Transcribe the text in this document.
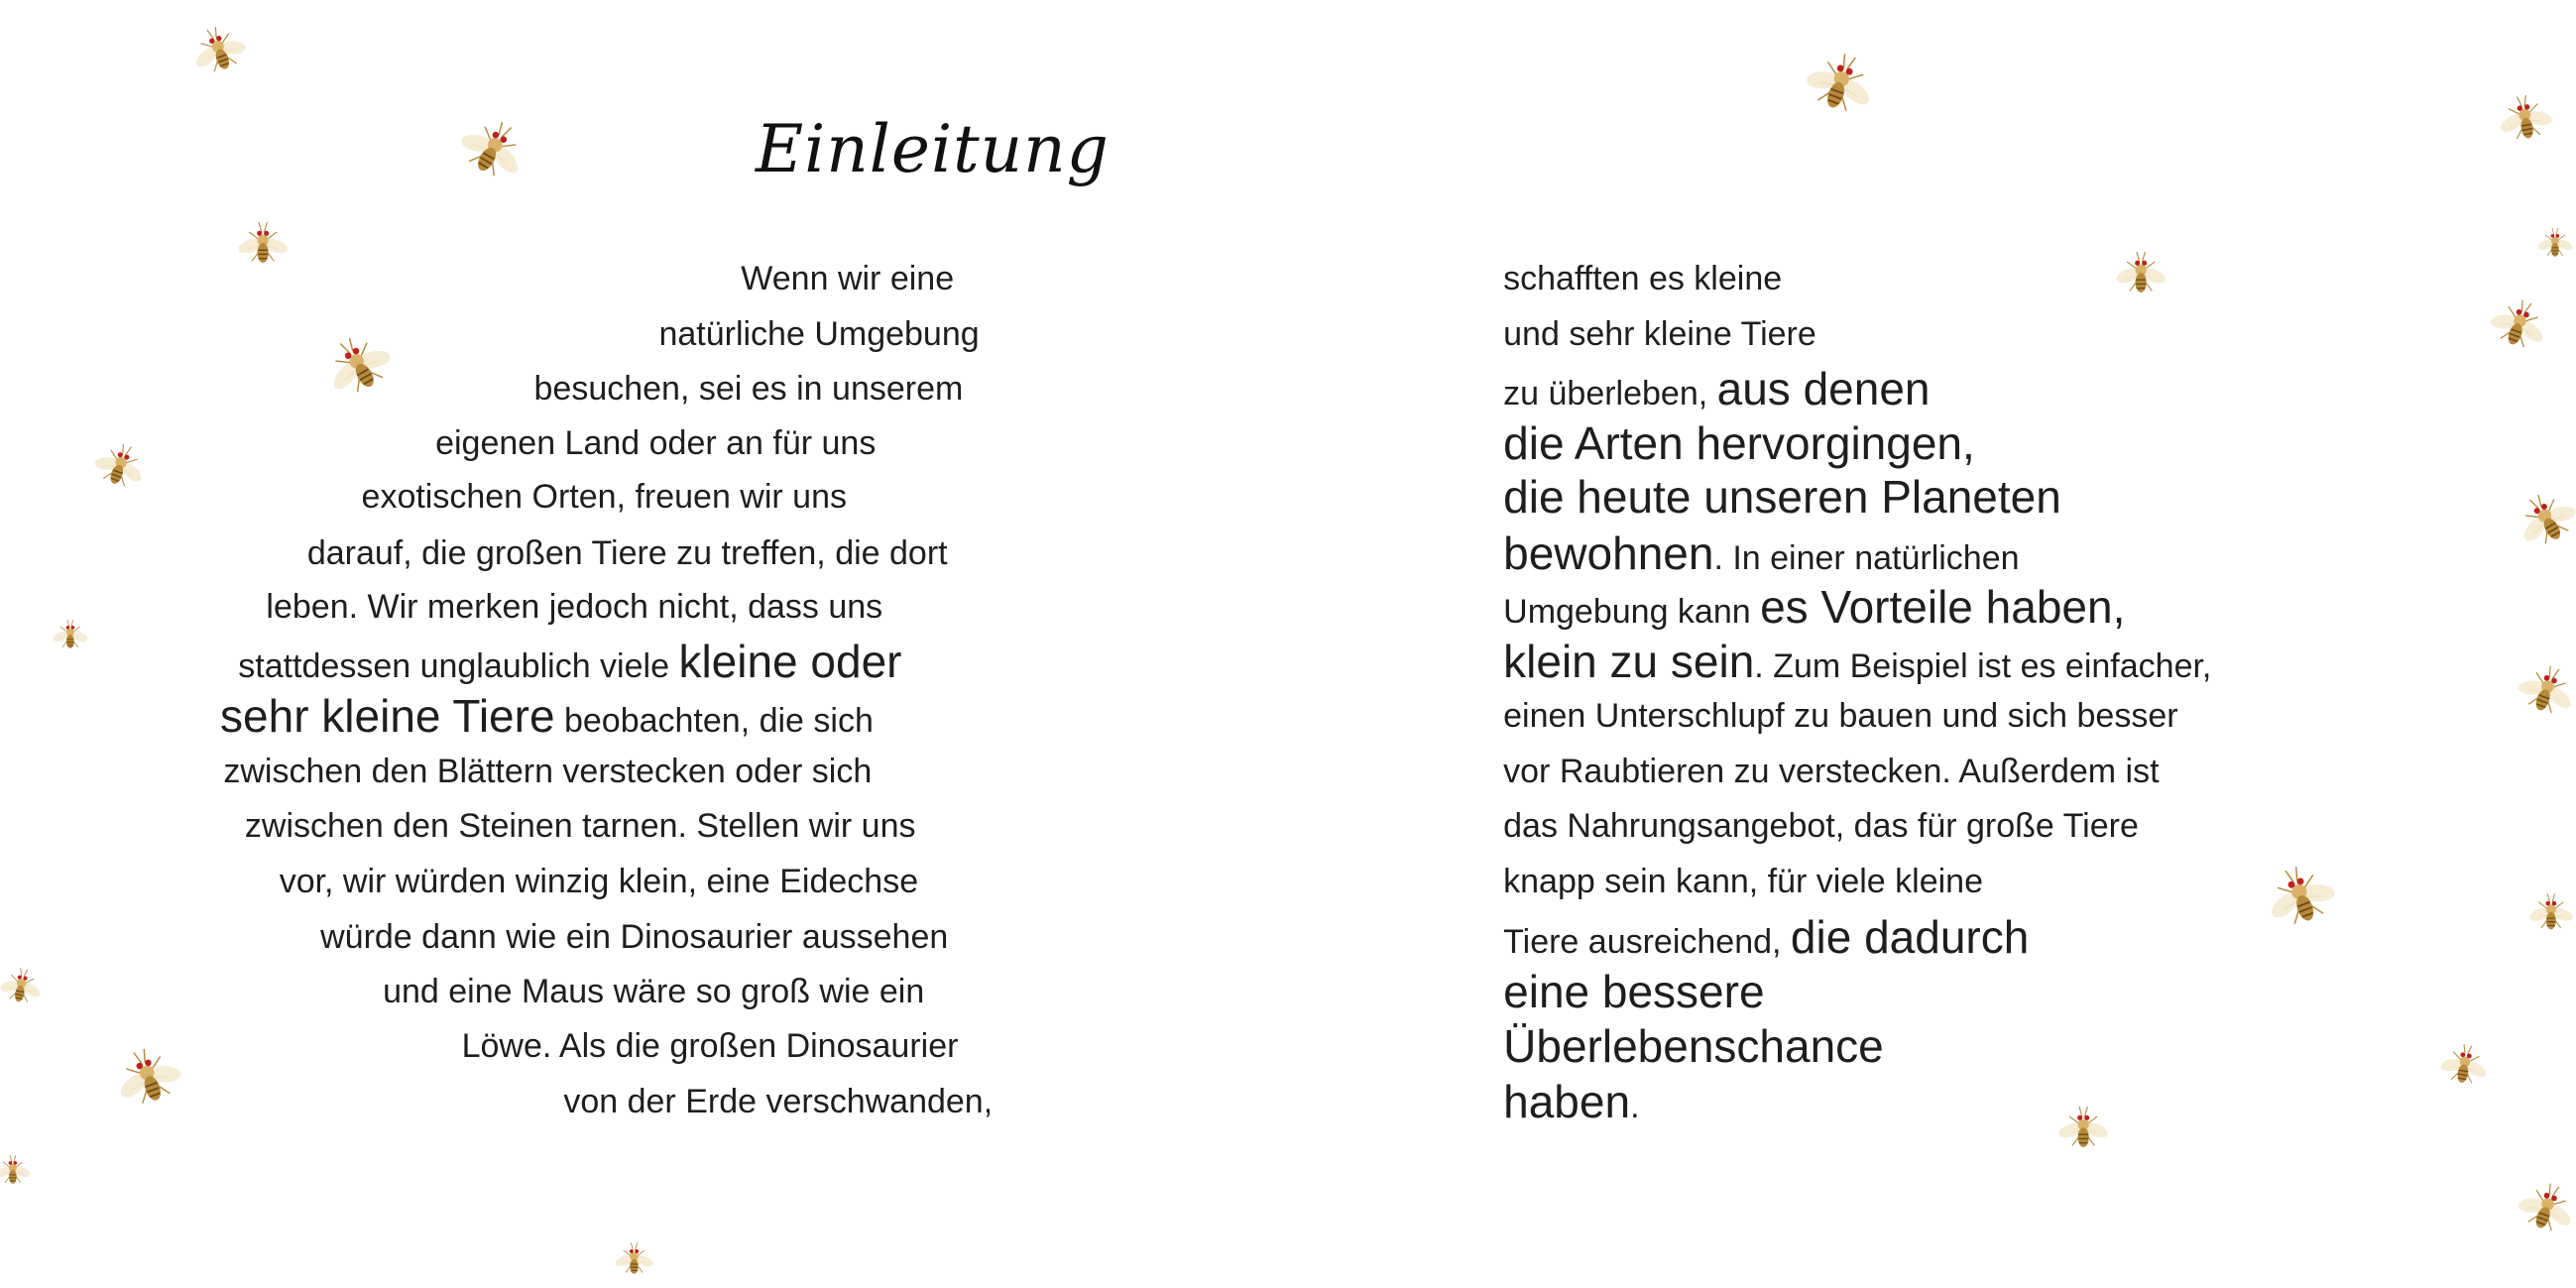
Einleitung
Wenn wir eine
natürliche Umgebung
besuchen, sei es in unserem
eigenen Land oder an für uns
exotischen Orten, freuen wir uns
darauf, die großen Tiere zu treffen, die dort
leben. Wir merken jedoch nicht, dass uns
stattdessen unglaublich viele kleine oder
sehr kleine Tiere beobachten, die sich
zwischen den Blättern verstecken oder sich
zwischen den Steinen tarnen. Stellen wir uns
vor, wir würden winzig klein, eine Eidechse
würde dann wie ein Dinosaurier aussehen
und eine Maus wäre so groß wie ein
Löwe. Als die großen Dinosaurier
von der Erde verschwanden,
schafften es kleine
und sehr kleine Tiere
zu überleben, aus denen
die Arten hervorgingen,
die heute unseren Planeten
bewohnen. In einer natürlichen
Umgebung kann es Vorteile haben,
klein zu sein. Zum Beispiel ist es einfacher,
einen Unterschlupf zu bauen und sich besser
vor Raubtieren zu verstecken. Außerdem ist
das Nahrungsangebot, das für große Tiere
knapp sein kann, für viele kleine
Tiere ausreichend, die dadurch
eine bessere
Überlebenschance
haben.
